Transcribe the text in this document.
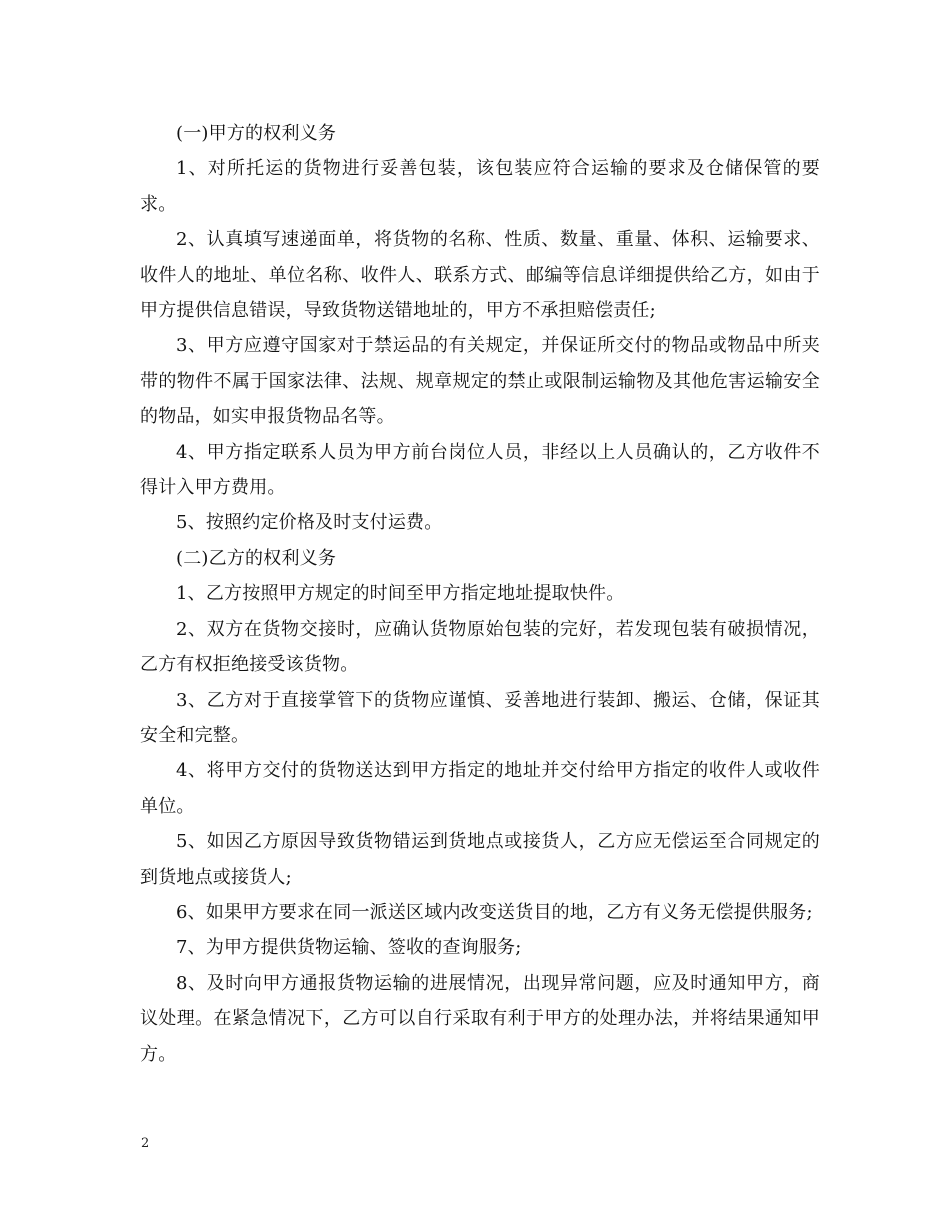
(一)甲方的权利义务

1、对所托运的货物进行妥善包装，该包装应符合运输的要求及仓储保管的要求。

2、认真填写速递面单，将货物的名称、性质、数量、重量、体积、运输要求、收件人的地址、单位名称、收件人、联系方式、邮编等信息详细提供给乙方，如由于甲方提供信息错误，导致货物送错地址的，甲方不承担赔偿责任;

3、甲方应遵守国家对于禁运品的有关规定，并保证所交付的物品或物品中所夹带的物件不属于国家法律、法规、规章规定的禁止或限制运输物及其他危害运输安全的物品，如实申报货物品名等。

4、甲方指定联系人员为甲方前台岗位人员，非经以上人员确认的，乙方收件不得计入甲方费用。

5、按照约定价格及时支付运费。

(二)乙方的权利义务

1、乙方按照甲方规定的时间至甲方指定地址提取快件。

2、双方在货物交接时，应确认货物原始包装的完好，若发现包装有破损情况，乙方有权拒绝接受该货物。

3、乙方对于直接掌管下的货物应谨慎、妥善地进行装卸、搬运、仓储，保证其安全和完整。

4、将甲方交付的货物送达到甲方指定的地址并交付给甲方指定的收件人或收件单位。

5、如因乙方原因导致货物错运到货地点或接货人，乙方应无偿运至合同规定的到货地点或接货人;

6、如果甲方要求在同一派送区域内改变送货目的地，乙方有义务无偿提供服务;

7、为甲方提供货物运输、签收的查询服务;

8、及时向甲方通报货物运输的进展情况，出现异常问题，应及时通知甲方，商议处理。在紧急情况下，乙方可以自行采取有利于甲方的处理办法，并将结果通知甲方。

2
